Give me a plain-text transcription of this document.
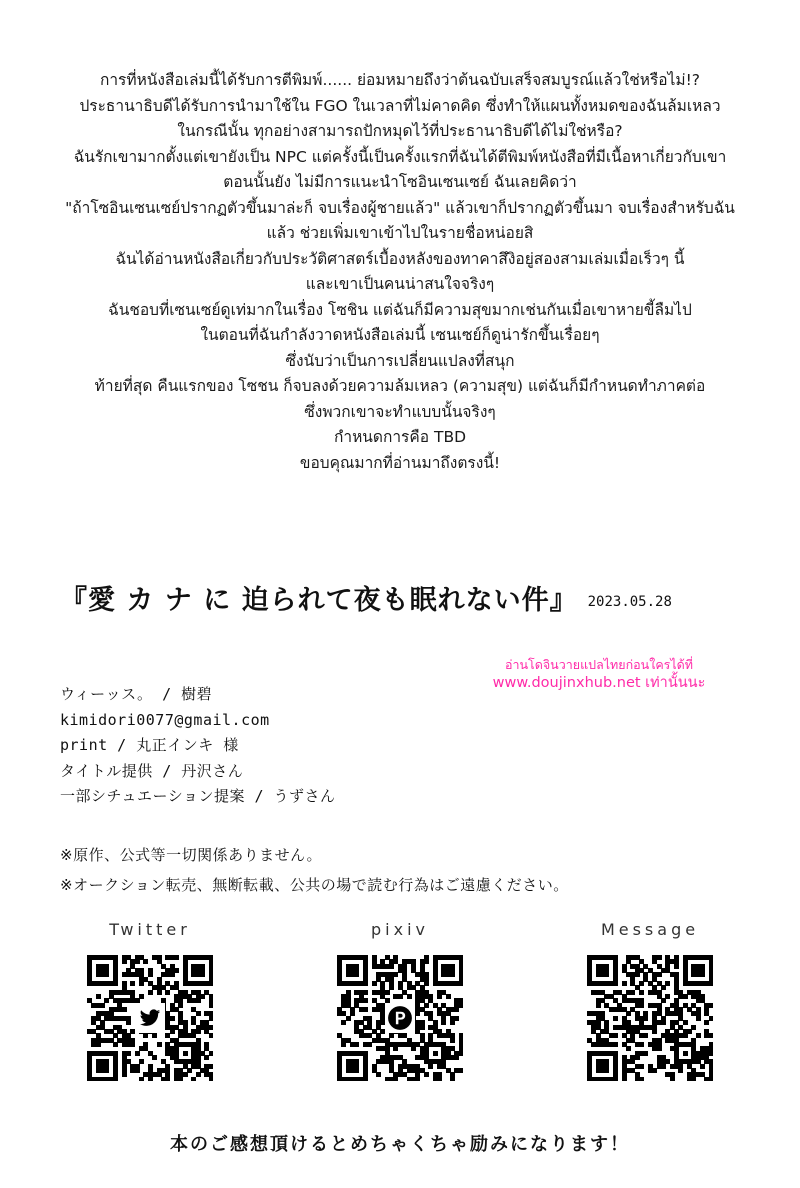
การที่หนังสือเล่มนี้ได้รับการตีพิมพ์...... ย่อมหมายถึงว่าต้นฉบับเสร็จสมบูรณ์แล้วใช่หรือไม่!?
ประธานาธิบดีได้รับการนำมาใช้ใน FGO ในเวลาที่ไม่คาดคิด ซึ่งทำให้แผนทั้งหมดของฉันล้มเหลว
ในกรณีนั้น ทุกอย่างสามารถปักหมุดไว้ที่ประธานาธิบดีได้ไม่ใช่หรือ?
ฉันรักเขามากตั้งแต่เขายังเป็น NPC แต่ครั้งนี้เป็นครั้งแรกที่ฉันได้ตีพิมพ์หนังสือที่มีเนื้อหาเกี่ยวกับเขา
ตอนนั้นยัง ไม่มีการแนะนำโซอินเซนเซย์ ฉันเลยคิดว่า
"ถ้าโซอินเซนเซย์ปรากฏตัวขึ้นมาล่ะก็ จบเรื่องผู้ชายแล้ว" แล้วเขาก็ปรากฏตัวขึ้นมา จบเรื่องสำหรับฉัน
แล้ว ช่วยเพิ่มเขาเข้าไปในรายชื่อหน่อยสิ
ฉันได้อ่านหนังสือเกี่ยวกับประวัติศาสตร์เบื้องหลังของทาคาสึงิอยู่สองสามเล่มเมื่อเร็วๆ นี้
และเขาเป็นคนน่าสนใจจริงๆ
ฉันชอบที่เซนเซย์ดูเท่มากในเรื่อง โซชิน แต่ฉันก็มีความสุขมากเช่นกันเมื่อเขาหายขี้ลืมไป
ในตอนที่ฉันกำลังวาดหนังสือเล่มนี้ เซนเซย์ก็ดูน่ารักขึ้นเรื่อยๆ
ซึ่งนับว่าเป็นการเปลี่ยนแปลงที่สนุก
ท้ายที่สุด คืนแรกของ โซชน ก็จบลงด้วยความล้มเหลว (ความสุข) แต่ฉันก็มีกำหนดทำภาคต่อ
ซึ่งพวกเขาจะทำแบบนั้นจริงๆ
กำหนดการคือ TBD
ขอบคุณมากที่อ่านมาถึงตรงนี้!
『愛 カ ナ に 迫られて夜も眠れない件』 2023.05.28
อ่านโดจินวายแปลไทยก่อนใครได้ที่
www.doujinxhub.net เท่านั้นนะ
ウィーッス。 / 樹碧
kimidori0077@gmail.com
print / 丸正インキ 様
タイトル提供 / 丹沢さん
一部シチュエーション提案 / うずさん
※原作、公式等一切関係ありません。
※オークション転売、無断転載、公共の場で読む行為はご遠慮ください。
Twitter	pixiv	Message
本のご感想頂けるとめちゃくちゃ励みになります！
